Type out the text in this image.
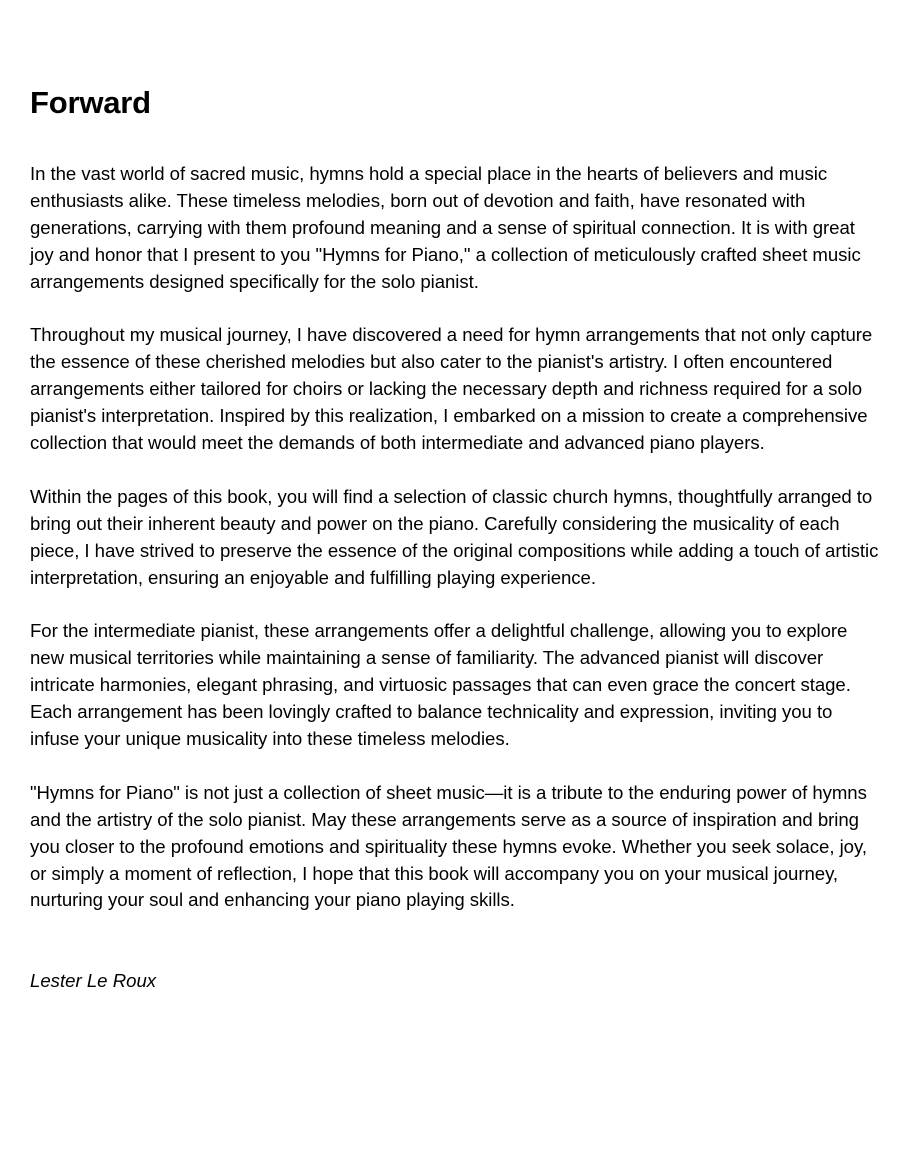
Forward

In the vast world of sacred music, hymns hold a special place in the hearts of believers and music enthusiasts alike. These timeless melodies, born out of devotion and faith, have resonated with generations, carrying with them profound meaning and a sense of spiritual connection. It is with great joy and honor that I present to you "Hymns for Piano," a collection of meticulously crafted sheet music arrangements designed specifically for the solo pianist.

Throughout my musical journey, I have discovered a need for hymn arrangements that not only capture the essence of these cherished melodies but also cater to the pianist's artistry. I often encountered arrangements either tailored for choirs or lacking the necessary depth and richness required for a solo pianist's interpretation. Inspired by this realization, I embarked on a mission to create a comprehensive collection that would meet the demands of both intermediate and advanced piano players.

Within the pages of this book, you will find a selection of classic church hymns, thoughtfully arranged to bring out their inherent beauty and power on the piano. Carefully considering the musicality of each piece, I have strived to preserve the essence of the original compositions while adding a touch of artistic interpretation, ensuring an enjoyable and fulfilling playing experience.

For the intermediate pianist, these arrangements offer a delightful challenge, allowing you to explore new musical territories while maintaining a sense of familiarity. The advanced pianist will discover intricate harmonies, elegant phrasing, and virtuosic passages that can even grace the concert stage. Each arrangement has been lovingly crafted to balance technicality and expression, inviting you to infuse your unique musicality into these timeless melodies.

"Hymns for Piano" is not just a collection of sheet music—it is a tribute to the enduring power of hymns and the artistry of the solo pianist. May these arrangements serve as a source of inspiration and bring you closer to the profound emotions and spirituality these hymns evoke. Whether you seek solace, joy, or simply a moment of reflection, I hope that this book will accompany you on your musical journey, nurturing your soul and enhancing your piano playing skills.

Lester Le Roux
